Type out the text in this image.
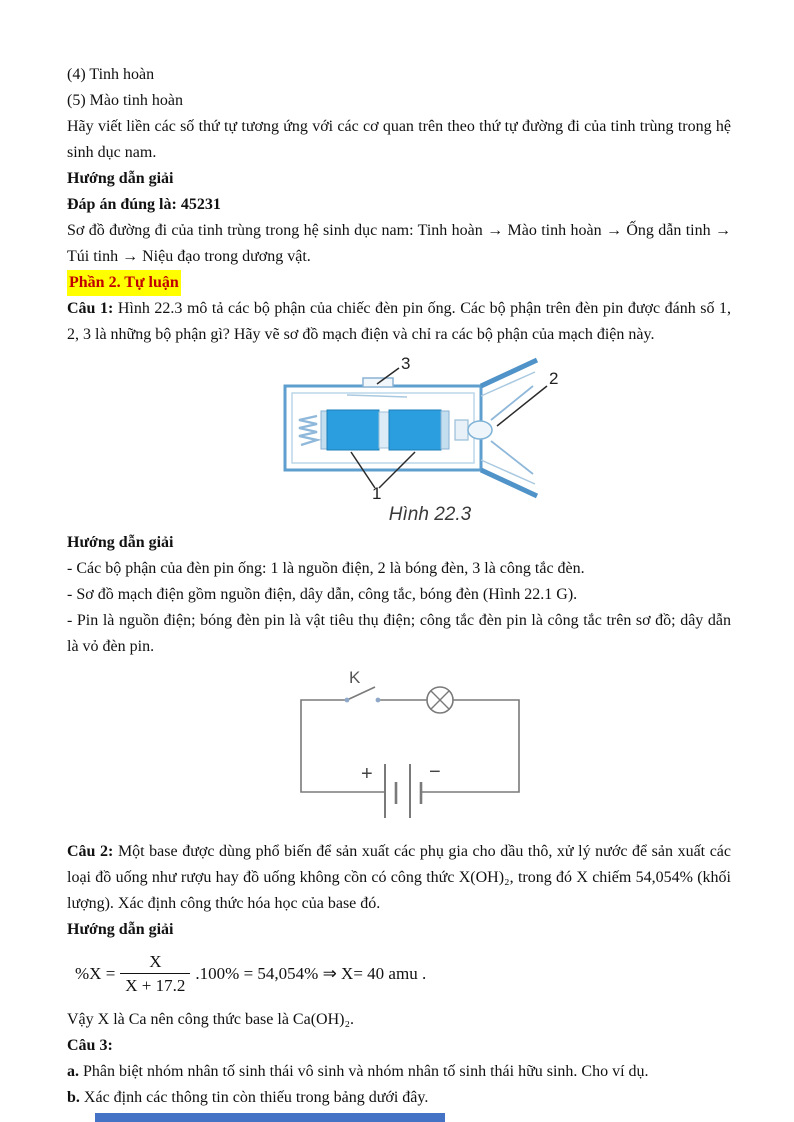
(4) Tinh hoàn

(5) Mào tinh hoàn

Hãy viết liền các số thứ tự tương ứng với các cơ quan trên theo thứ tự đường đi của tinh trùng trong hệ sinh dục nam.

Hướng dẫn giải

Đáp án đúng là: 45231

Sơ đồ đường đi của tinh trùng trong hệ sinh dục nam: Tinh hoàn → Mào tinh hoàn → Ống dẫn tinh → Túi tinh → Niệu đạo trong dương vật.

Phần 2. Tự luận

Câu 1: Hình 22.3 mô tả các bộ phận của chiếc đèn pin ống. Các bộ phận trên đèn pin được đánh số 1, 2, 3 là những bộ phận gì? Hãy vẽ sơ đồ mạch điện và chỉ ra các bộ phận của mạch điện này.

3
2
1
Hình 22.3

Hướng dẫn giải

- Các bộ phận của đèn pin ống: 1 là nguồn điện, 2 là bóng đèn, 3 là công tắc đèn.

- Sơ đồ mạch điện gồm nguồn điện, dây dẫn, công tắc, bóng đèn (Hình 22.1 G).

- Pin là nguồn điện; bóng đèn pin là vật tiêu thụ điện; công tắc đèn pin là công tắc trên sơ đồ; dây dẫn là vỏ đèn pin.

K
+	−

Câu 2: Một base được dùng phổ biến để sản xuất các phụ gia cho dầu thô, xử lý nước để sản xuất các loại đồ uống như rượu hay đồ uống không cồn có công thức X(OH)₂, trong đó X chiếm 54,054% (khối lượng). Xác định công thức hóa học của base đó.

Hướng dẫn giải

$\%X = \frac{X}{X + 17.2} .100\% = 54,054\%$ ⇒ X= 40 amu .

Vậy X là Ca nên công thức base là Ca(OH)₂.

Câu 3:

a. Phân biệt nhóm nhân tố sinh thái vô sinh và nhóm nhân tố sinh thái hữu sinh. Cho ví dụ.

b. Xác định các thông tin còn thiếu trong bảng dưới đây.
